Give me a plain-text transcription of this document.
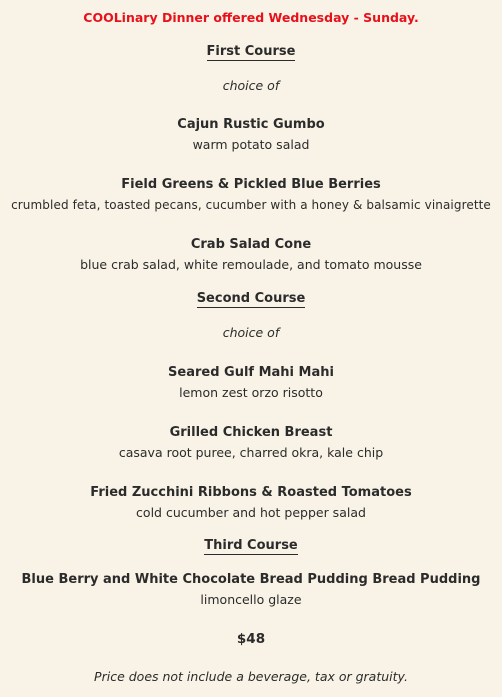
COOLinary Dinner offered Wednesday - Sunday.
First Course
choice of
Cajun Rustic Gumbo
warm potato salad
Field Greens & Pickled Blue Berries
crumbled feta, toasted pecans, cucumber with a honey & balsamic vinaigrette
Crab Salad Cone
blue crab salad, white remoulade, and tomato mousse
Second Course
choice of
Seared Gulf Mahi Mahi
lemon zest orzo risotto
Grilled Chicken Breast
casava root puree, charred okra, kale chip
Fried Zucchini Ribbons & Roasted Tomatoes
cold cucumber and hot pepper salad
Third Course
Blue Berry and White Chocolate Bread Pudding Bread Pudding
limoncello glaze
$48
Price does not include a beverage, tax or gratuity.
